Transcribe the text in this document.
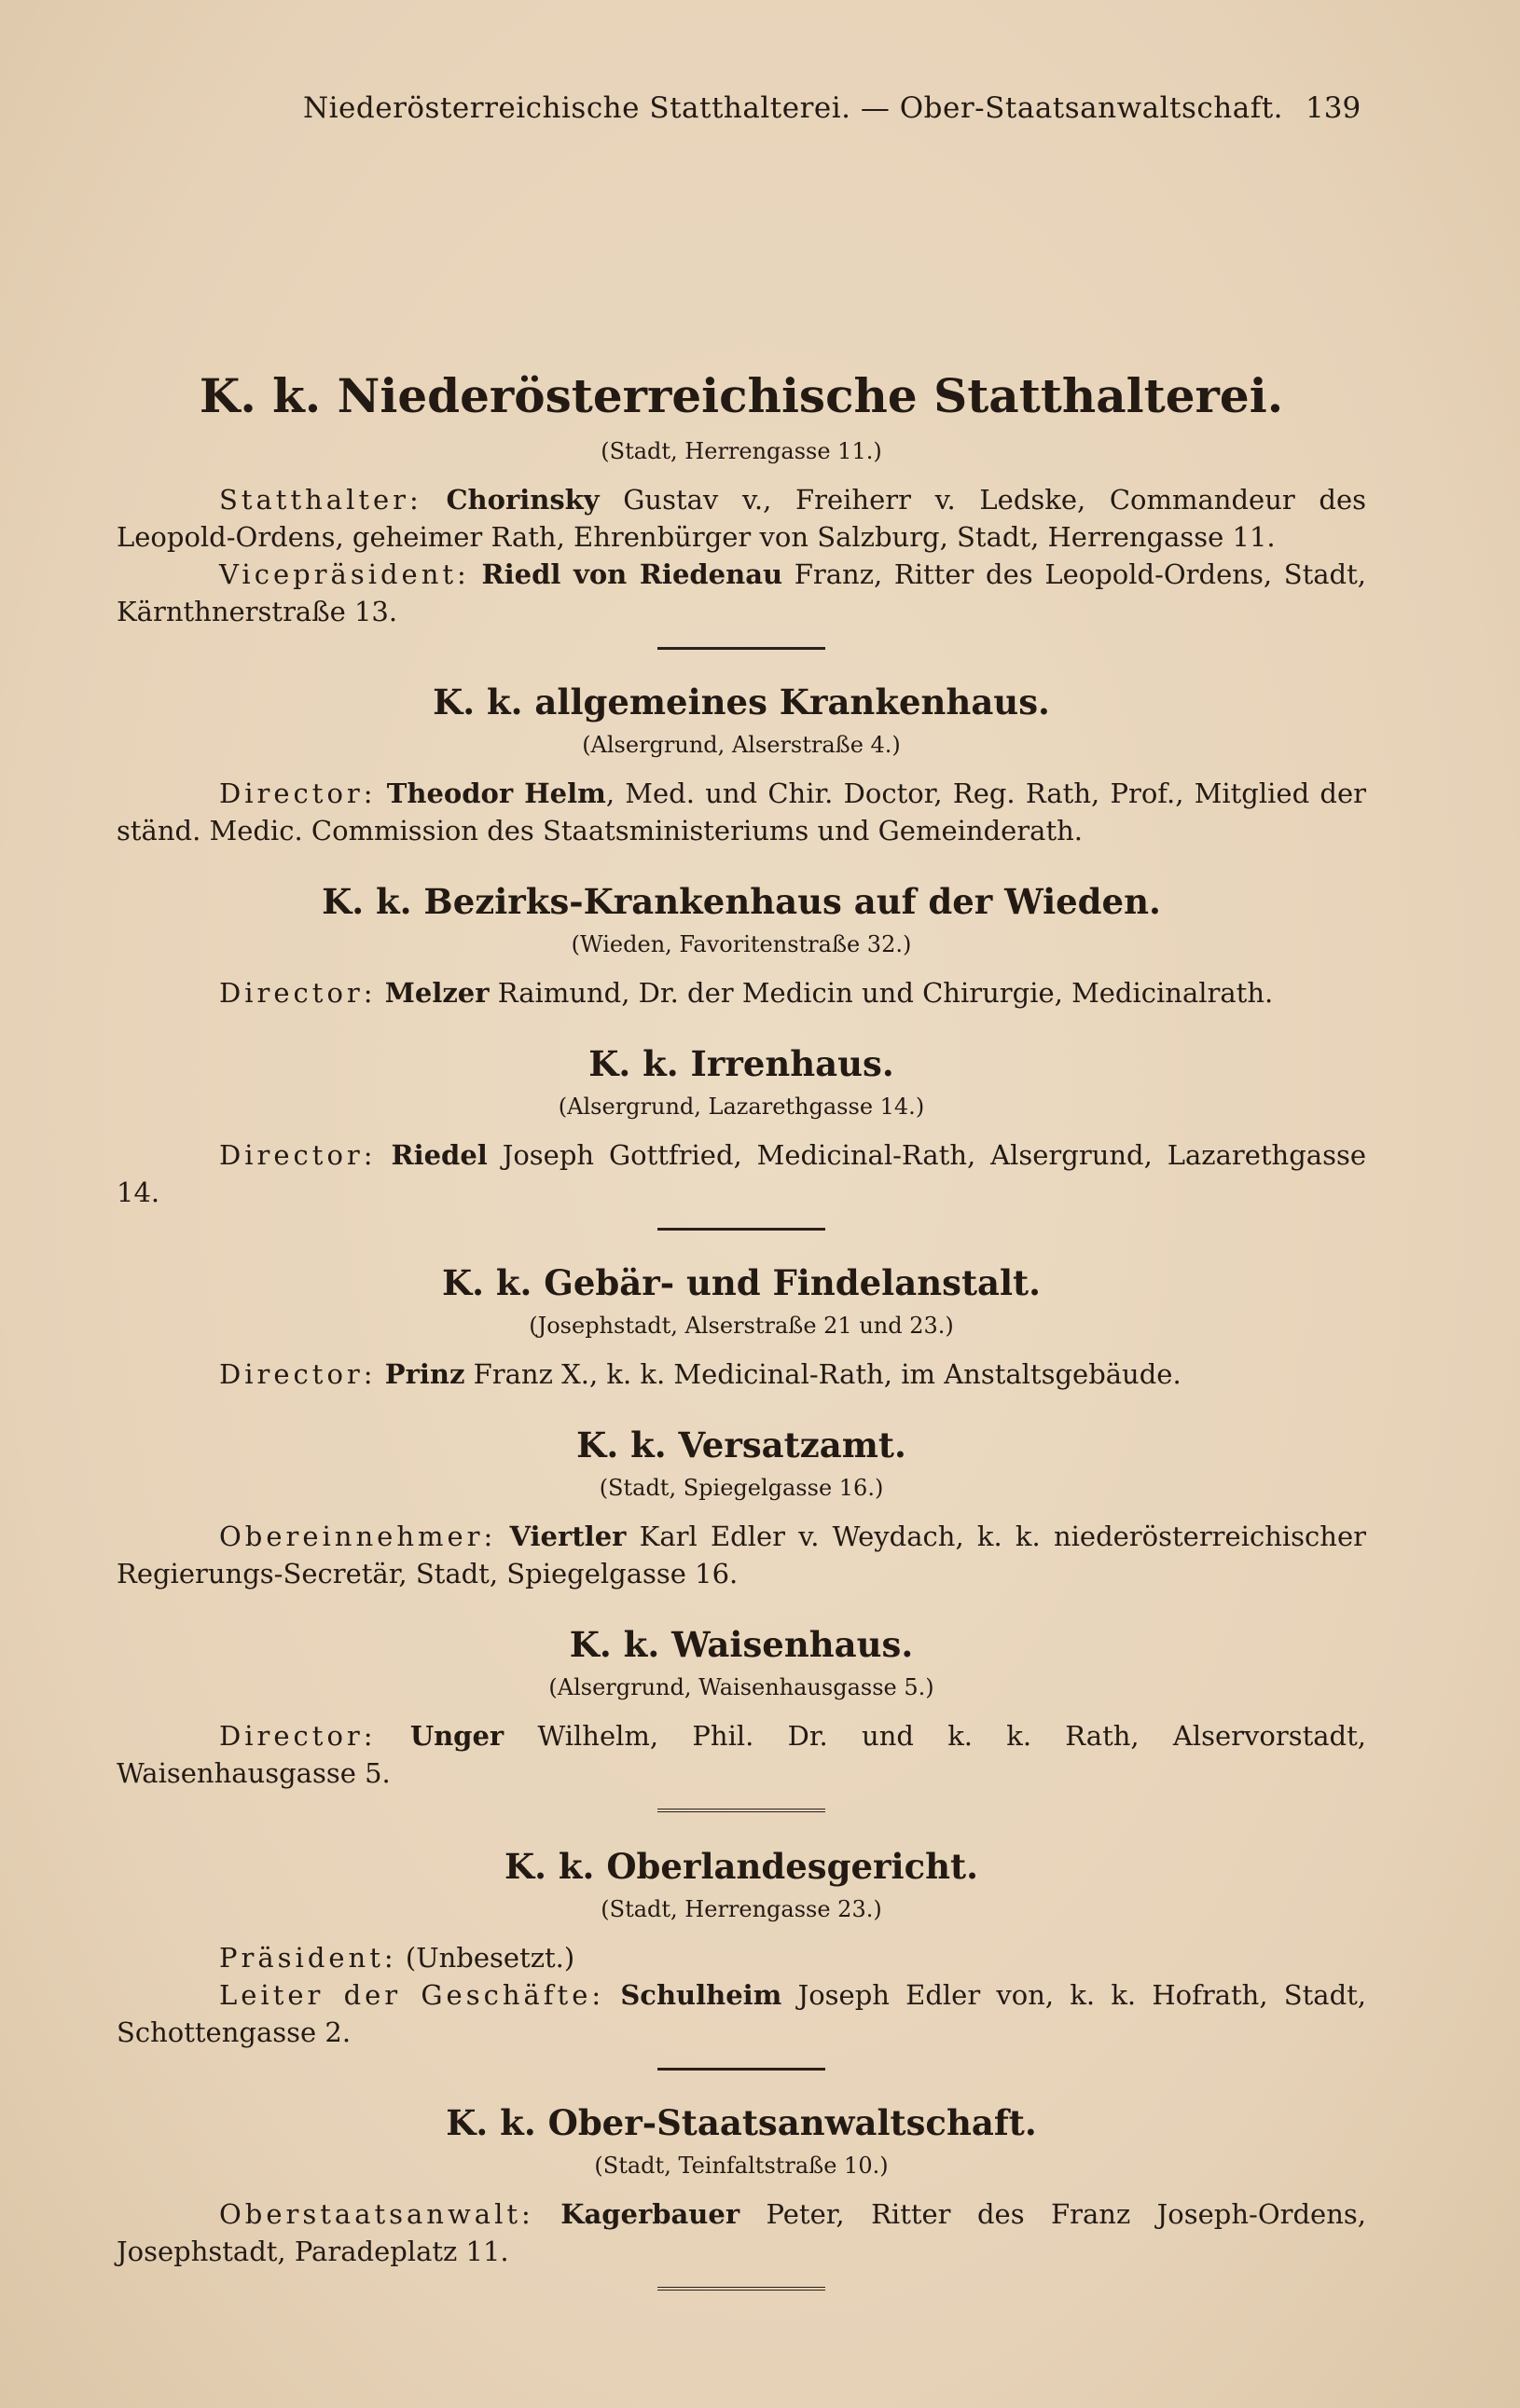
Niederösterreichische Statthalterei. — Ober-Staatsanwaltschaft. 139
K. k. Niederösterreichische Statthalterei.
(Stadt, Herrengasse 11.)

Statthalter: Chorinsky Gustav v., Freiherr v. Ledske, Commandeur des Leopold-Ordens, geheimer Rath, Ehrenbürger von Salzburg, Stadt, Herrengasse 11.

Vicepräsident: Riedl von Riedenau Franz, Ritter des Leopold-Ordens, Stadt, Kärnthnerstraße 13.

K. k. allgemeines Krankenhaus.
(Alsergrund, Alserstraße 4.)

Director: Theodor Helm, Med. und Chir. Doctor, Reg. Rath, Prof., Mitglied der ständ. Medic. Commission des Staatsministeriums und Gemeinderath.

K. k. Bezirks-Krankenhaus auf der Wieden.
(Wieden, Favoritenstraße 32.)

Director: Melzer Raimund, Dr. der Medicin und Chirurgie, Medicinalrath.

K. k. Irrenhaus.
(Alsergrund, Lazarethgasse 14.)

Director: Riedel Joseph Gottfried, Medicinal-Rath, Alsergrund, Lazarethgasse 14.

K. k. Gebär- und Findelanstalt.
(Josephstadt, Alserstraße 21 und 23.)

Director: Prinz Franz X., k. k. Medicinal-Rath, im Anstaltsgebäude.

K. k. Versatzamt.
(Stadt, Spiegelgasse 16.)

Obereinnehmer: Viertler Karl Edler v. Weydach, k. k. niederösterreichischer Regierungs-Secretär, Stadt, Spiegelgasse 16.

K. k. Waisenhaus.
(Alsergrund, Waisenhausgasse 5.)

Director: Unger Wilhelm, Phil. Dr. und k. k. Rath, Alservorstadt, Waisenhausgasse 5.

K. k. Oberlandesgericht.
(Stadt, Herrengasse 23.)

Präsident: (Unbesetzt.)

Leiter der Geschäfte: Schulheim Joseph Edler von, k. k. Hofrath, Stadt, Schottengasse 2.

K. k. Ober-Staatsanwaltschaft.
(Stadt, Teinfaltstraße 10.)

Oberstaatsanwalt: Kagerbauer Peter, Ritter des Franz Joseph-Ordens, Josephstadt, Paradeplatz 11.
